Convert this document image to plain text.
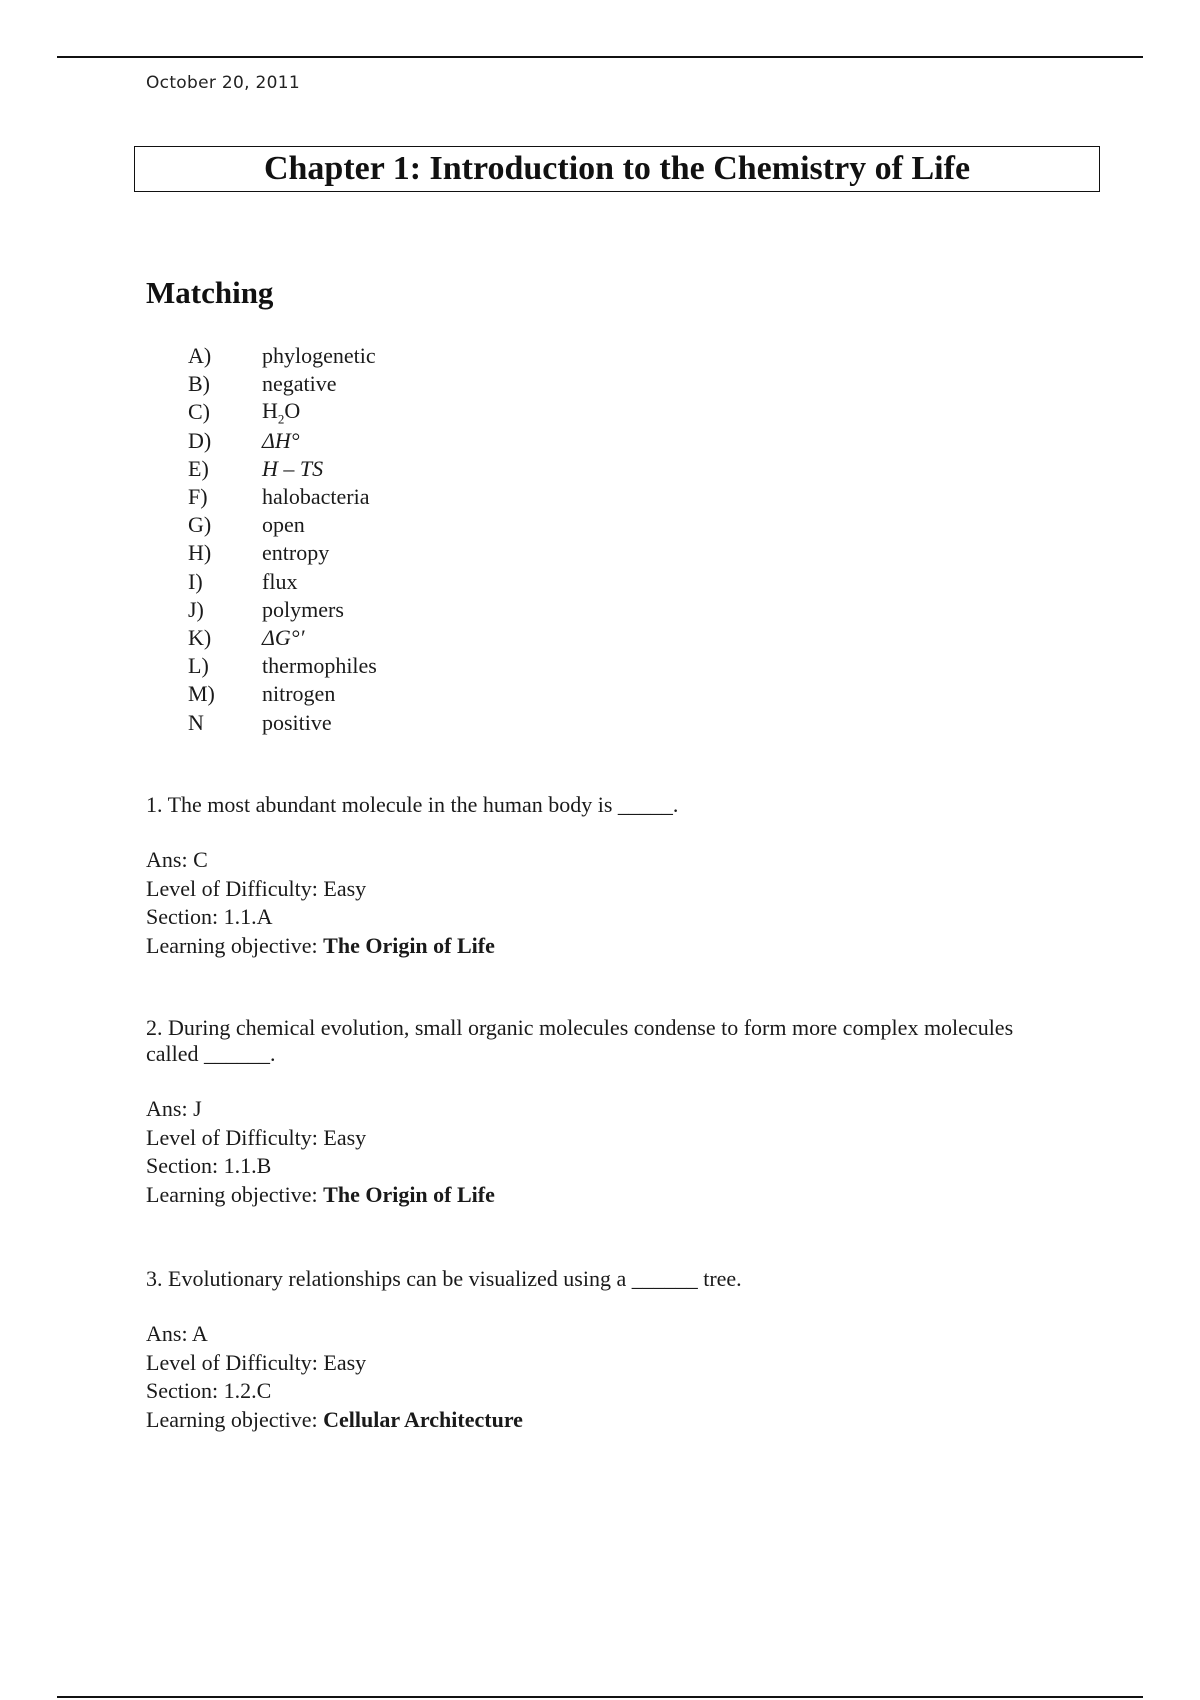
October 20, 2011
Chapter 1: Introduction to the Chemistry of Life
Matching
A)	phylogenetic
B)	negative
C)	$H_2O$
D)	ΔH°
E)	H – TS
F)	halobacteria
G)	open
H)	entropy
I)	flux
J)	polymers
K)	ΔG°′
L)	thermophiles
M)	nitrogen
N	positive

1. The most abundant molecule in the human body is _____.

Ans: C

Level of Difficulty: Easy

Section: 1.1.A

Learning objective: The Origin of Life

2. During chemical evolution, small organic molecules condense to form more complex molecules called ______.

Ans: J

Level of Difficulty: Easy

Section: 1.1.B

Learning objective: The Origin of Life

3. Evolutionary relationships can be visualized using a ______ tree.

Ans: A

Level of Difficulty: Easy

Section: 1.2.C

Learning objective: Cellular Architecture
